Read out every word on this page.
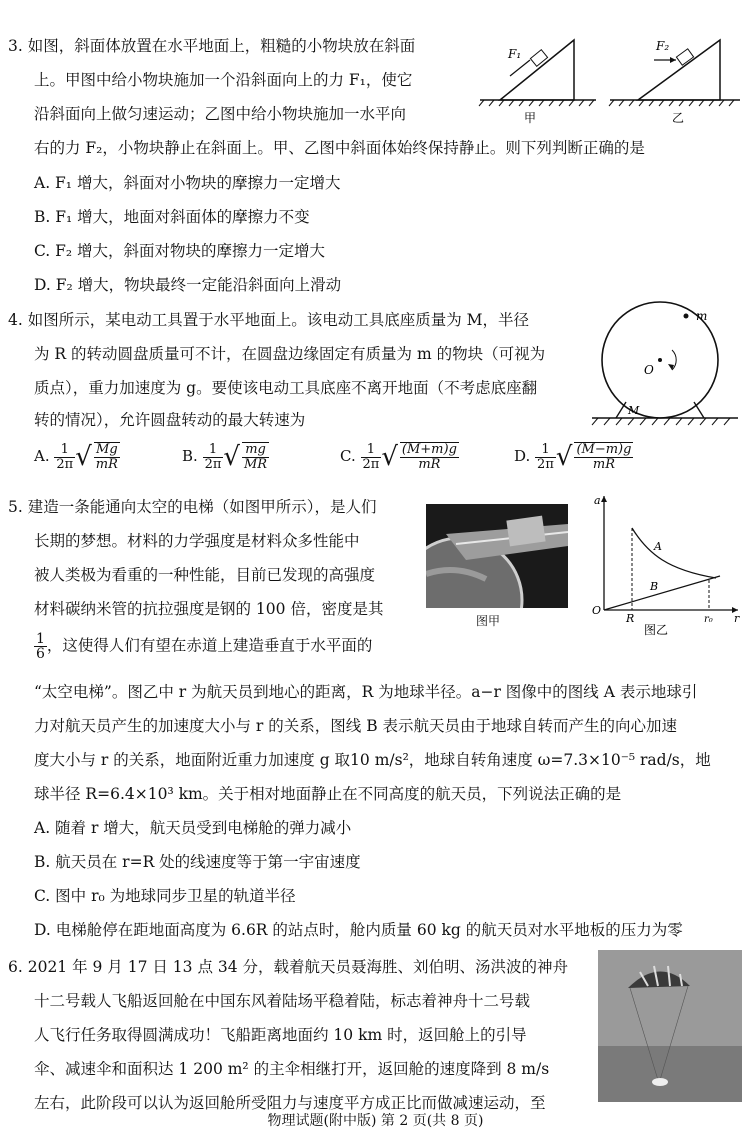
3. 如图，斜面体放置在水平地面上，粗糙的小物块放在斜面
上。甲图中给小物块施加一个沿斜面向上的力 F₁，使它
沿斜面向上做匀速运动；乙图中给小物块施加一水平向
右的力 F₂，小物块静止在斜面上。甲、乙图中斜面体始终保持静止。则下列判断正确的是
A. F₁ 增大，斜面对小物块的摩擦力一定增大
B. F₁ 增大，地面对斜面体的摩擦力不变
C. F₂ 增大，斜面对物块的摩擦力一定增大
D. F₂ 增大，物块最终一定能沿斜面向上滑动
F₁
甲
F₂
乙
4. 如图所示，某电动工具置于水平地面上。该电动工具底座质量为 M，半径
为 R 的转动圆盘质量可不计，在圆盘边缘固定有质量为 m 的物块（可视为
质点），重力加速度为 g。要使该电动工具底座不离开地面（不考虑底座翻
转的情况），允许圆盘转动的最大转速为
m
O
M
A. $\frac{1}{2\pi}$ √ $\frac{Mg}{mR}$	B. $\frac{1}{2\pi}$ √ $\frac{mg}{MR}$	C. $\frac{1}{2\pi}$ √ $\frac{(M+m)g}{mR}$	D. $\frac{1}{2\pi}$ √ $\frac{(M-m)g}{mR}$
5. 建造一条能通向太空的电梯（如图甲所示），是人们
长期的梦想。材料的力学强度是材料众多性能中
被人类极为看重的一种性能，目前已发现的高强度
材料碳纳米管的抗拉强度是钢的 100 倍，密度是其
$\frac{1}{6}$ ，这使得人们有望在赤道上建造垂直于水平面的
“太空电梯”。图乙中 r 为航天员到地心的距离，R 为地球半径。a−r 图像中的图线 A 表示地球引
力对航天员产生的加速度大小与 r 的关系，图线 B 表示航天员由于地球自转而产生的向心加速
度大小与 r 的关系，地面附近重力加速度 g 取10 m/s²，地球自转角速度 ω=7.3×10⁻⁵ rad/s，地
球半径 R=6.4×10³ km。关于相对地面静止在不同高度的航天员，下列说法正确的是
A. 随着 r 增大，航天员受到电梯舱的弹力减小
B. 航天员在 r=R 处的线速度等于第一宇宙速度
C. 图中 r₀ 为地球同步卫星的轨道半径
D. 电梯舱停在距地面高度为 6.6R 的站点时，舱内质量 60 kg 的航天员对水平地板的压力为零
图甲
a
O
A
B
R	r₀ r
图乙
6. 2021 年 9 月 17 日 13 点 34 分，载着航天员聂海胜、刘伯明、汤洪波的神舟
十二号载人飞船返回舱在中国东风着陆场平稳着陆，标志着神舟十二号载
人飞行任务取得圆满成功！飞船距离地面约 10 km 时，返回舱上的引导
伞、减速伞和面积达 1 200 m² 的主伞相继打开，返回舱的速度降到 8 m/s
左右，此阶段可以认为返回舱所受阻力与速度平方成正比而做减速运动，至
物理试题(附中版) 第 2 页(共 8 页)
